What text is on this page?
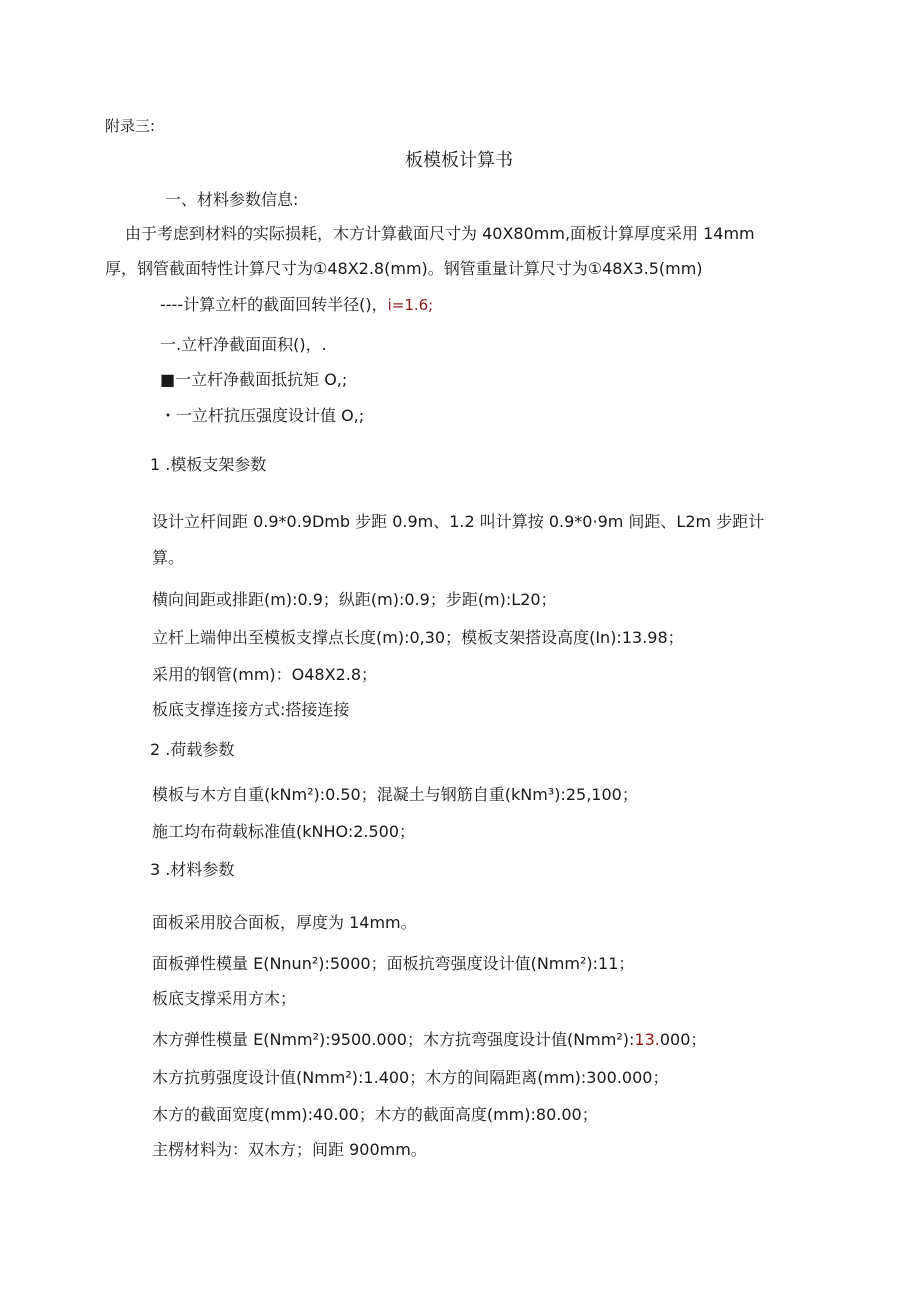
附录三:
板模板计算书
一、材料参数信息:
由于考虑到材料的实际损耗，木方计算截面尺寸为 40X80mm,面板计算厚度采用 14mm
厚，钢管截面特性计算尺寸为①48X2.8(mm)。钢管重量计算尺寸为①48X3.5(mm)
----计算立杆的截面回转半径()，i=1.6;
一.立杆净截面面积()，.
■一立杆净截面抵抗矩 O,;
・一立杆抗压强度设计值 O,;
1 .模板支架参数
设计立杆间距 0.9*0.9Dmb 步距 0.9m、1.2 叫计算按 0.9*0·9m 间距、L2m 步距计
算。
横向间距或排距(m):0.9；纵距(m):0.9；步距(m):L20；
立杆上端伸出至模板支撑点长度(m):0,30；模板支架搭设高度(In):13.98；
采用的钢管(mm)：O48X2.8；
板底支撑连接方式:搭接连接
2 .荷载参数
模板与木方自重(kNm²):0.50；混凝土与钢筋自重(kNm³):25,100；
施工均布荷载标准值(kNHO:2.500；
3 .材料参数
面板采用胶合面板，厚度为 14mm。
面板弹性模量 E(Nnun²):5000；面板抗弯强度设计值(Nmm²):11；
板底支撑采用方木；
木方弹性模量 E(Nmm²):9500.000；木方抗弯强度设计值(Nmm²):13.000；
木方抗剪强度设计值(Nmm²):1.400；木方的间隔距离(mm):300.000；
木方的截面宽度(mm):40.00；木方的截面高度(mm):80.00；
主楞材料为：双木方；间距 900mm。
